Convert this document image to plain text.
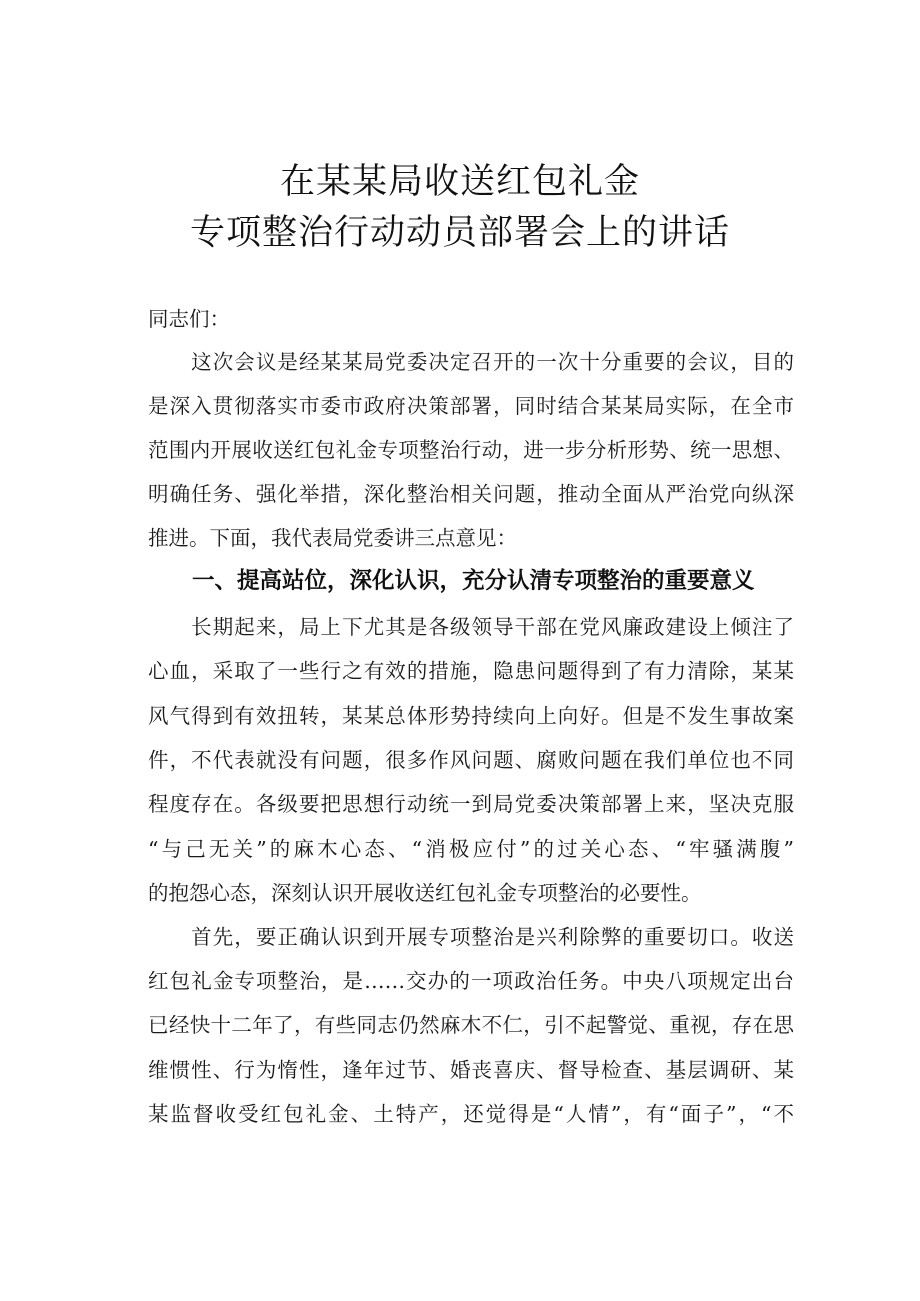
在某某局收送红包礼金
专项整治行动动员部署会上的讲话
同志们：
　　这次会议是经某某局党委决定召开的一次十分重要的会议，目的
是深入贯彻落实市委市政府决策部署，同时结合某某局实际，在全市
范围内开展收送红包礼金专项整治行动，进一步分析形势、统一思想、
明确任务、强化举措，深化整治相关问题，推动全面从严治党向纵深
推进。下面，我代表局党委讲三点意见：
一、提高站位，深化认识，充分认清专项整治的重要意义
　　长期起来，局上下尤其是各级领导干部在党风廉政建设上倾注了
心血，采取了一些行之有效的措施，隐患问题得到了有力清除，某某
风气得到有效扭转，某某总体形势持续向上向好。但是不发生事故案
件，不代表就没有问题，很多作风问题、腐败问题在我们单位也不同
程度存在。各级要把思想行动统一到局党委决策部署上来，坚决克服
“与己无关”的麻木心态、“消极应付”的过关心态、“牢骚满腹”
的抱怨心态，深刻认识开展收送红包礼金专项整治的必要性。
　　首先，要正确认识到开展专项整治是兴利除弊的重要切口。收送
红包礼金专项整治，是……交办的一项政治任务。中央八项规定出台
已经快十二年了，有些同志仍然麻木不仁，引不起警觉、重视，存在思
维惯性、行为惰性，逢年过节、婚丧喜庆、督导检查、基层调研、某
某监督收受红包礼金、土特产，还觉得是“人情”，有“面子”，“不
